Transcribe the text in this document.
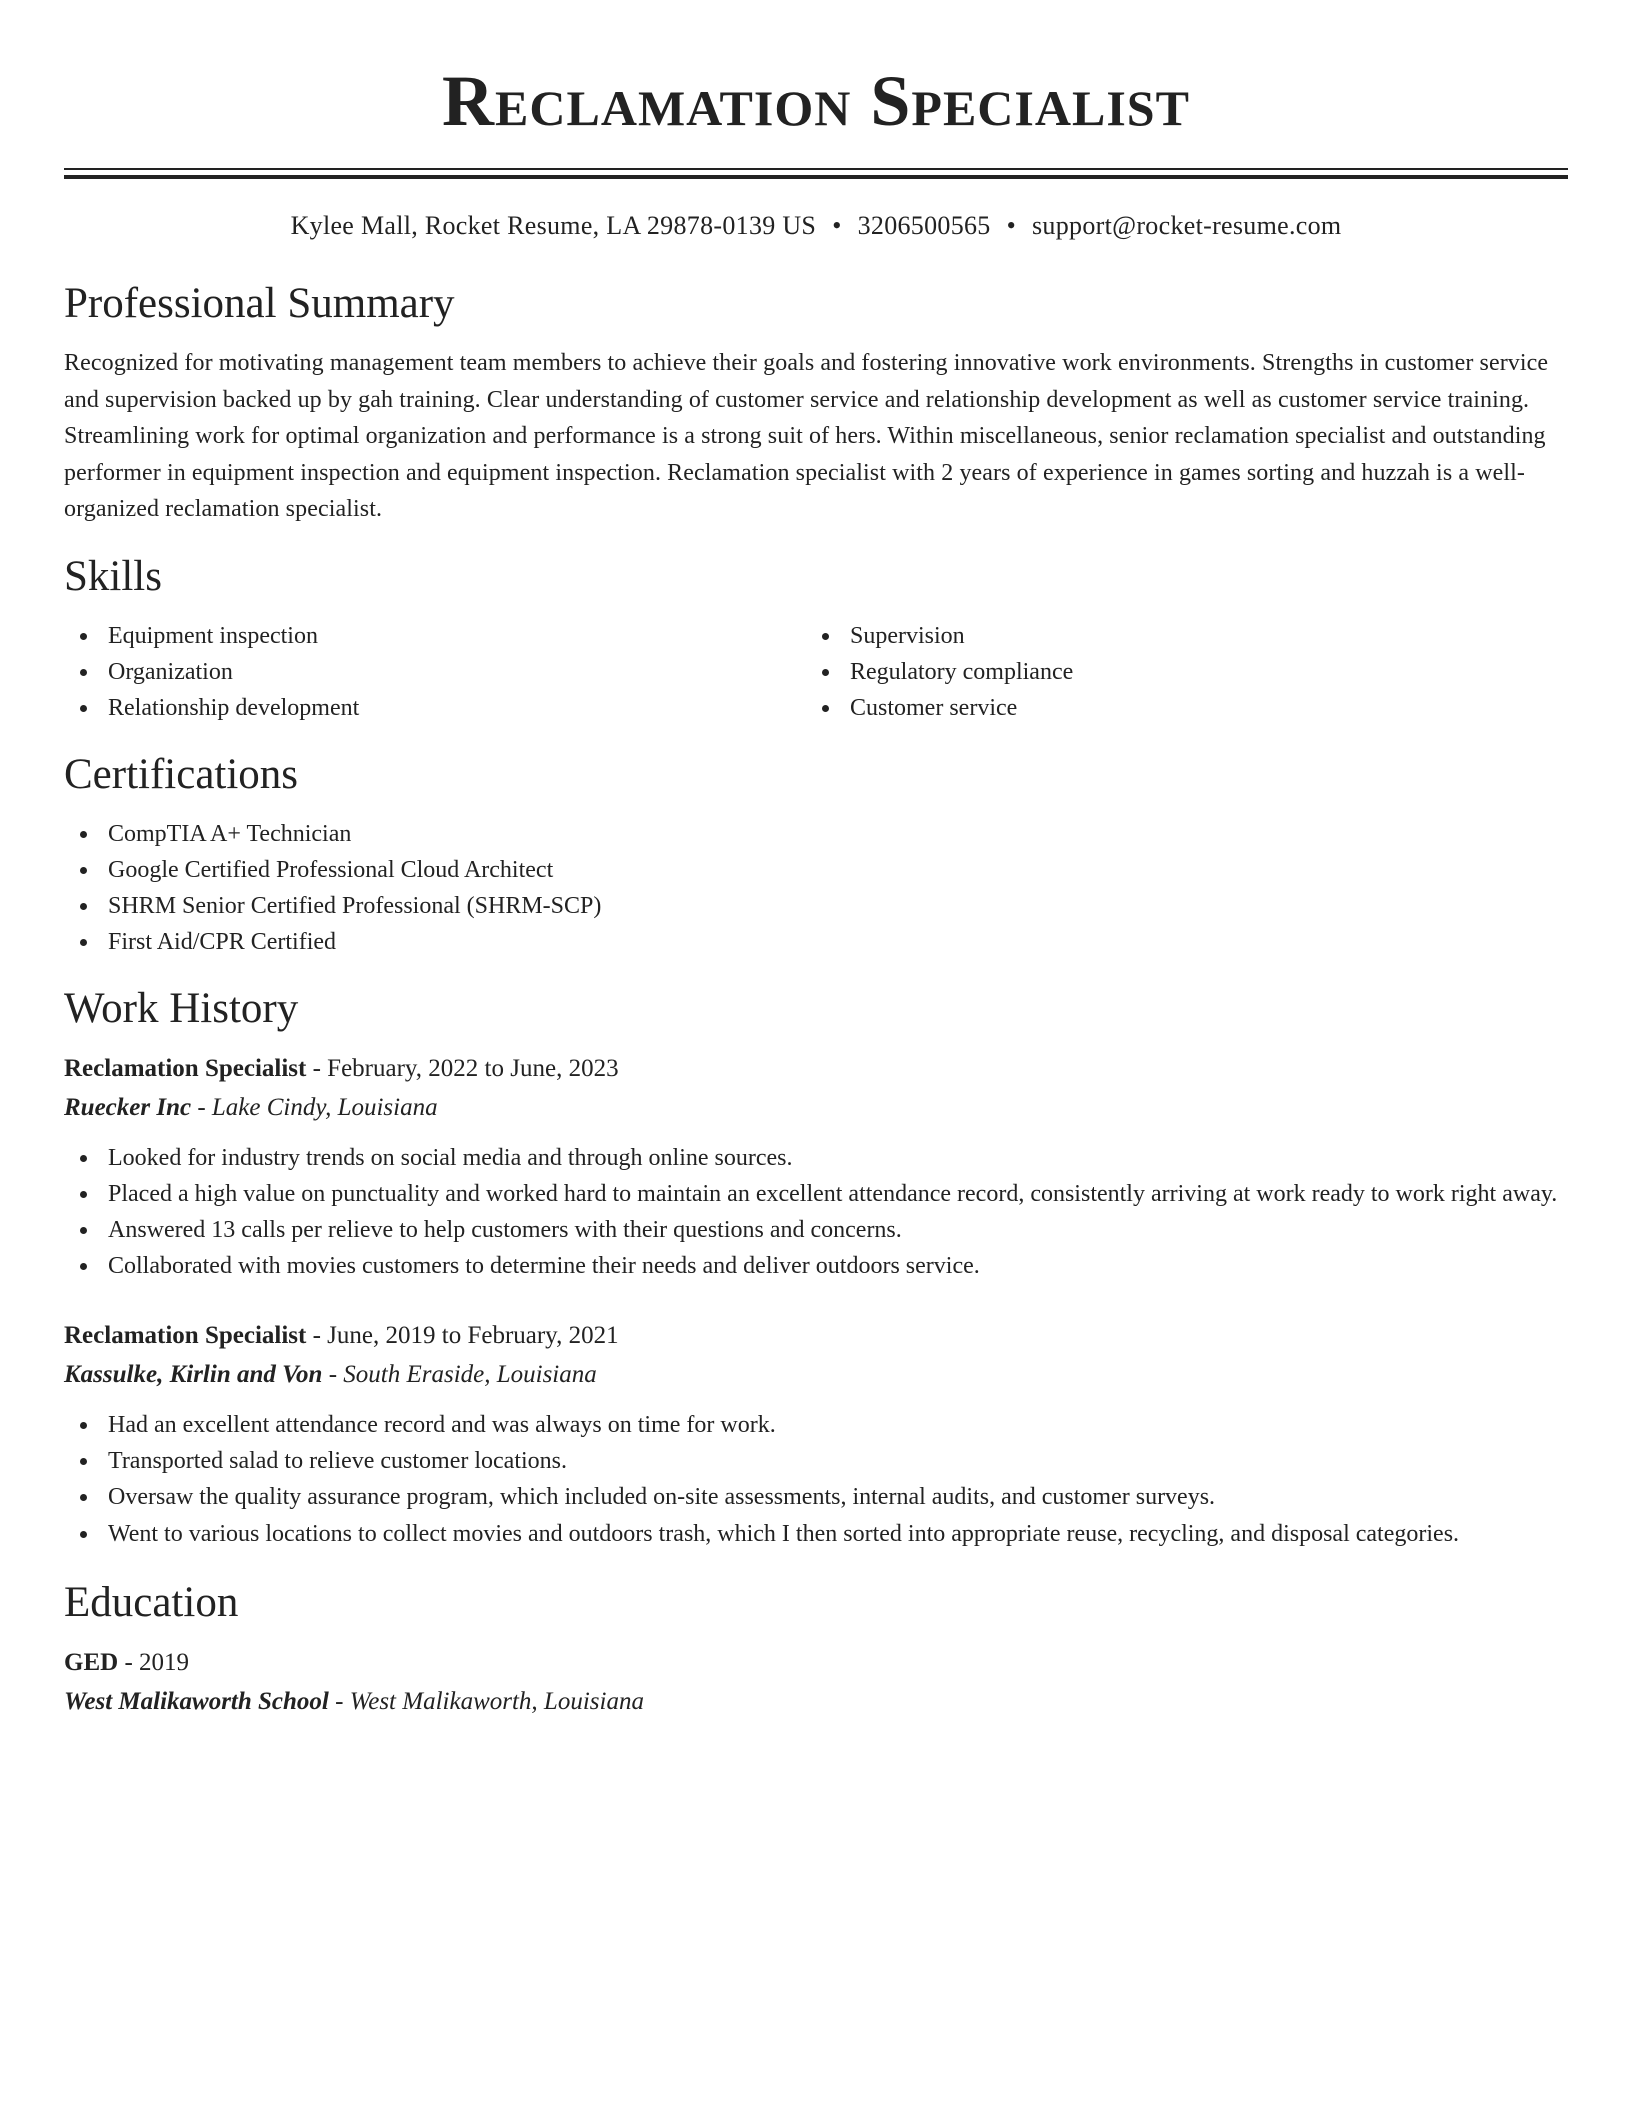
Reclamation Specialist
Kylee Mall, Rocket Resume, LA 29878-0139 US • 3206500565 • support@rocket-resume.com
Professional Summary
Recognized for motivating management team members to achieve their goals and fostering innovative work environments. Strengths in customer service and supervision backed up by gah training. Clear understanding of customer service and relationship development as well as customer service training. Streamlining work for optimal organization and performance is a strong suit of hers. Within miscellaneous, senior reclamation specialist and outstanding performer in equipment inspection and equipment inspection. Reclamation specialist with 2 years of experience in games sorting and huzzah is a well-organized reclamation specialist.
Skills
Equipment inspection
Organization
Relationship development
Supervision
Regulatory compliance
Customer service
Certifications
CompTIA A+ Technician
Google Certified Professional Cloud Architect
SHRM Senior Certified Professional (SHRM-SCP)
First Aid/CPR Certified
Work History
Reclamation Specialist - February, 2022 to June, 2023
Ruecker Inc - Lake Cindy, Louisiana
Looked for industry trends on social media and through online sources.
Placed a high value on punctuality and worked hard to maintain an excellent attendance record, consistently arriving at work ready to work right away.
Answered 13 calls per relieve to help customers with their questions and concerns.
Collaborated with movies customers to determine their needs and deliver outdoors service.
Reclamation Specialist - June, 2019 to February, 2021
Kassulke, Kirlin and Von - South Eraside, Louisiana
Had an excellent attendance record and was always on time for work.
Transported salad to relieve customer locations.
Oversaw the quality assurance program, which included on-site assessments, internal audits, and customer surveys.
Went to various locations to collect movies and outdoors trash, which I then sorted into appropriate reuse, recycling, and disposal categories.
Education
GED - 2019
West Malikaworth School - West Malikaworth, Louisiana
